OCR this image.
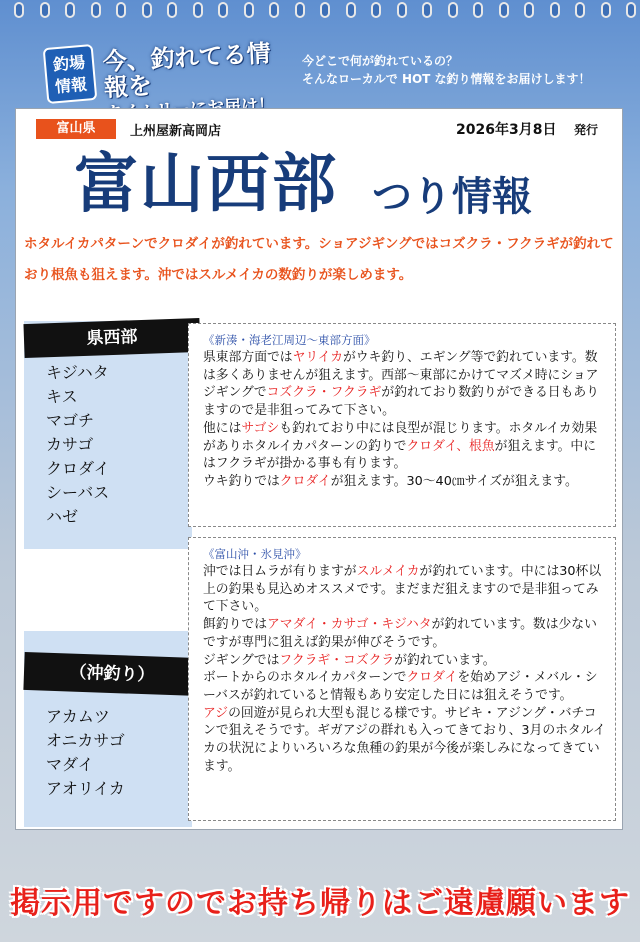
釣場情報
今、釣れてる情報を
今どこで何が釣れているの？
そんなローカルで HOT な釣り情報をお届けします！
富山県	上州屋新高岡店	2026年3月8日 発行
富山西部 つり情報
ホタルイカパターンでクロダイが釣れています。ショアジギングではコズクラ・フクラギが釣れて
おり根魚も狙えます。沖ではスルメイカの数釣りが楽しめます。
県西部
キジハタ
キス
マゴチ
カサゴ
クロダイ
シーバス
ハゼ
（沖釣り）
アカムツ
オニカサゴ
マダイ
アオリイカ
《新湊・海老江周辺〜東部方面》

県東部方面ではヤリイカがウキ釣り、エギング等で釣れています。数は多くありませんが狙えます。西部〜東部にかけてマズメ時にショアジギングでコズクラ・フクラギが釣れており数釣りができる日もありますので是非狙ってみて下さい。

他にはサゴシも釣れており中には良型が混じります。ホタルイカ効果がありホタルイカパターンの釣りでクロダイ、根魚が狙えます。中にはフクラギが掛かる事も有ります。

ウキ釣りではクロダイが狙えます。30〜40㎝サイズが狙えます。

《富山沖・氷見沖》

沖では日ムラが有りますがスルメイカが釣れています。中には30杯以上の釣果も見込めオススメです。まだまだ狙えますので是非狙ってみて下さい。

餌釣りではアマダイ・カサゴ・キジハタが釣れています。数は少ないですが専門に狙えば釣果が伸びそうです。

ジギングではフクラギ・コズクラが釣れています。

ボートからのホタルイカパターンでクロダイを始めアジ・メバル・シーバスが釣れていると情報もあり安定した日には狙えそうです。

アジの回遊が見られ大型も混じる様です。サビキ・アジング・バチコンで狙えそうです。ギガアジの群れも入ってきており、3月のホタルイカの状況によりいろいろな魚種の釣果が今後が楽しみになってきています。

掲示用ですのでお持ち帰りはご遠慮願います
